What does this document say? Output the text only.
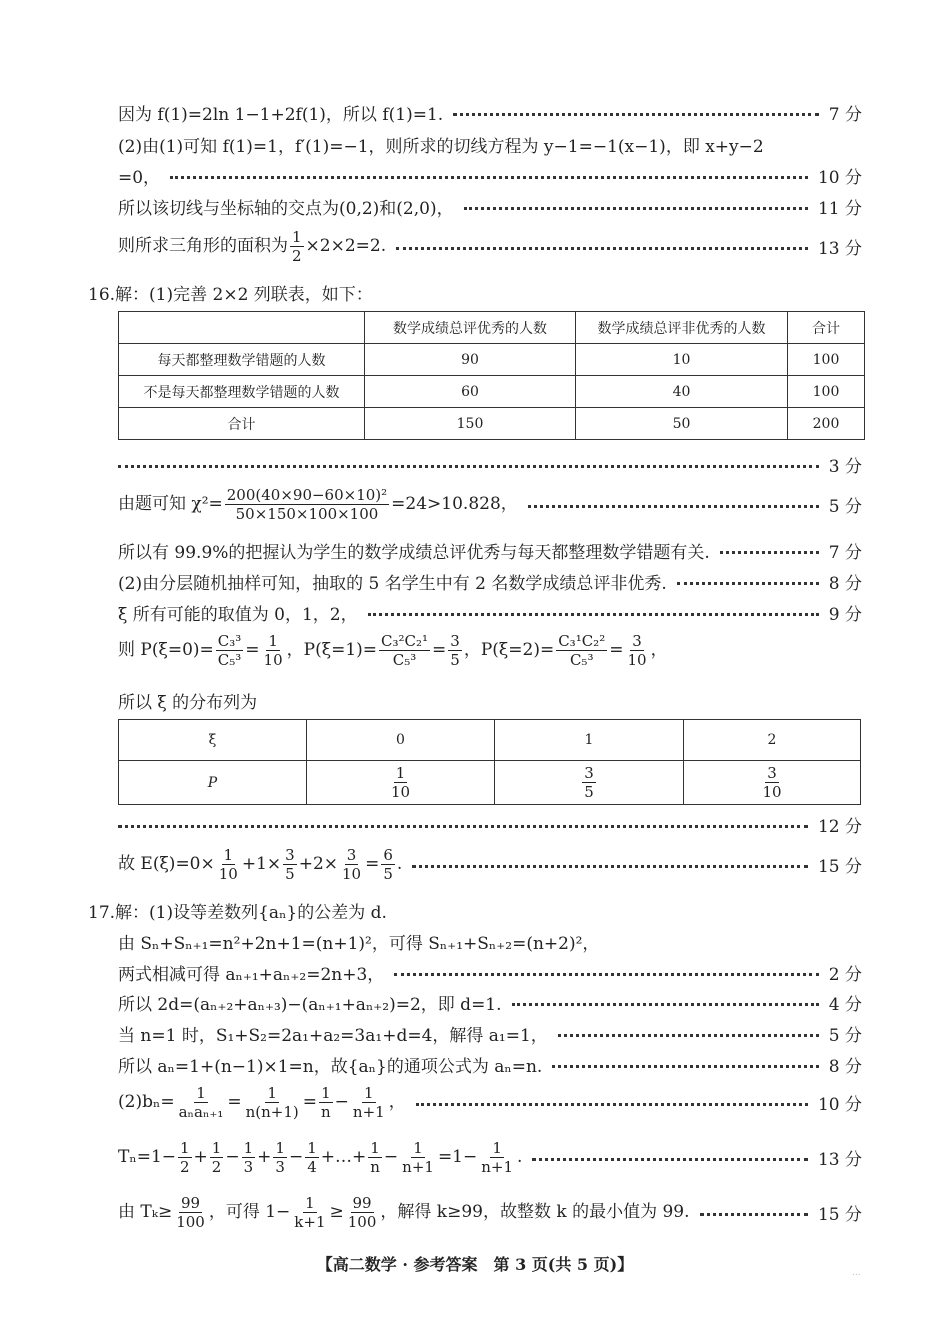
因为 f(1)=2ln 1−1+2f(1)，所以 f(1)=1.	7 分
(2)由(1)可知 f(1)=1，f′(1)=−1，则所求的切线方程为 y−1=−1(x−1)，即 x+y−2
=0，	10 分
所以该切线与坐标轴的交点为(0,2)和(2,0)，	11 分
则所求三角形的面积为 $\frac{1}{2} \times 2\times 2=2$.	13 分
16.解：(1)完善 2×2 列联表，如下：
	数学成绩总评优秀的人数	数学成绩总评非优秀的人数	合计
每天都整理数学错题的人数	90	10	100
不是每天都整理数学错题的人数	60	40	100
合计	150	50	200
3 分
由题可知 $\chi^2= \frac{\text{200(40×90−60×10)²}}{50\times 150\times 100\times 100} =24>10.828$，	5 分
所以有 99.9%的把握认为学生的数学成绩总评优秀与每天都整理数学错题有关.	7 分
(2)由分层随机抽样可知，抽取的 5 名学生中有 2 名数学成绩总评非优秀.	8 分
ξ 所有可能的取值为 0，1，2，	9 分
则 $P(\xi=0)= \frac{\text{C₃³}}{\text{C₅³}} = \frac{1}{10}$ ，$P(\xi=1)= \frac{\text{C₃²C₂¹}}{\text{C₅³}} = \frac{3}{5}$ ，$P(\xi=2)= \frac{\text{C₃¹C₂²}}{\text{C₅³}} = \frac{3}{10}$ ，
所以 ξ 的分布列为
ξ	0	1	2
P	$\frac{1}{10}$	$\frac{3}{5}$	$\frac{3}{10}$
12 分
故 $E(\xi)=0\times \frac{1}{10} +1\times \frac{3}{5} +2\times \frac{3}{10} = \frac{6}{5}$ .	15 分
17.解：(1)设等差数列{aₙ}的公差为 d.
由 Sₙ+Sₙ₊₁=n²+2n+1=(n+1)²，可得 Sₙ₊₁+Sₙ₊₂=(n+2)²，
两式相减可得 aₙ₊₁+aₙ₊₂=2n+3，	2 分
所以 2d=(aₙ₊₂+aₙ₊₃)−(aₙ₊₁+aₙ₊₂)=2，即 d=1.	4 分
当 n=1 时，S₁+S₂=2a₁+a₂=3a₁+d=4，解得 a₁=1，	5 分
所以 aₙ=1+(n−1)×1=n，故{aₙ}的通项公式为 aₙ=n.	8 分
$(2)b_n= \frac{1}{\text{aₙaₙ₊₁}} = \frac{1}{n(n+1)} = \frac{1}{n} - \frac{1}{n+1}$ ，	10 分
$T_n=1- \frac{1}{2} + \frac{1}{2} - \frac{1}{3} + \frac{1}{3} - \frac{1}{4}$ +…+ $\frac{1}{n} - \frac{1}{n+1} =1- \frac{1}{n+1}$ .	13 分
由 $T_k\ge \frac{99}{100}$ ，可得 $1- \frac{1}{k+1} \ge \frac{99}{100}$ ，解得 k≥99，故整数 k 的最小值为 99.	15 分
【高二数学 · 参考答案　第 3 页(共 5 页)】	...
